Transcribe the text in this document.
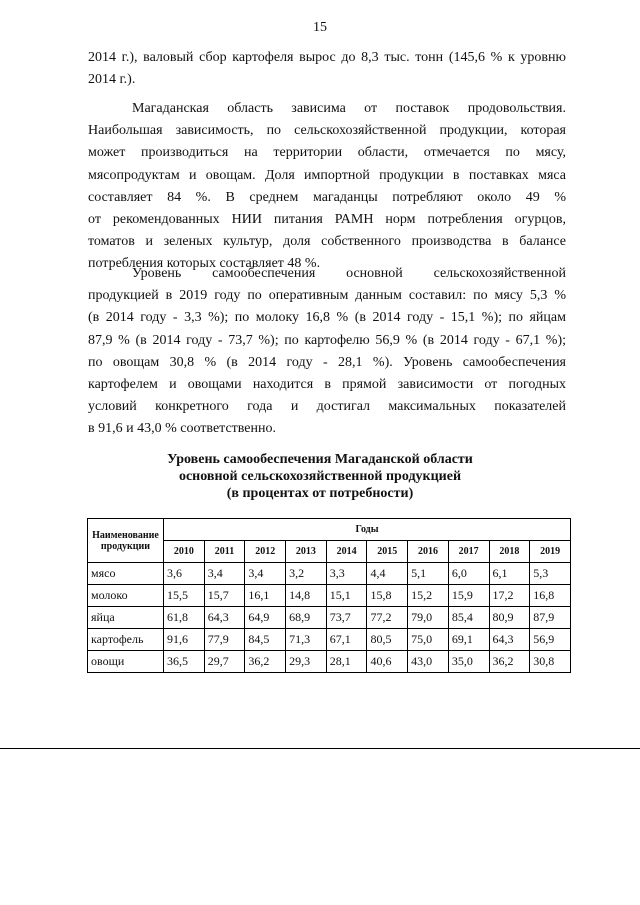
15
2014 г.), валовый сбор картофеля вырос до 8,3 тыс. тонн (145,6 % к уровню
2014 г.).
Магаданская область зависима от поставок продовольствия.
Наибольшая зависимость, по сельскохозяйственной продукции, которая
может производиться на территории области, отмечается по мясу,
мясопродуктам и овощам. Доля импортной продукции в поставках мяса
составляет 84 %. В среднем магаданцы потребляют около 49 %
от рекомендованных НИИ питания РАМН норм потребления огурцов,
томатов и зеленых культур, доля собственного производства в балансе
потребления которых составляет 48 %.
Уровень самообеспечения основной сельскохозяйственной
продукцией в 2019 году по оперативным данным составил: по мясу 5,3 %
(в 2014 году - 3,3 %); по молоку 16,8 % (в 2014 году - 15,1 %); по яйцам
87,9 % (в 2014 году - 73,7 %); по картофелю 56,9 % (в 2014 году - 67,1 %);
по овощам 30,8 % (в 2014 году - 28,1 %). Уровень самообеспечения
картофелем и овощами находится в прямой зависимости от погодных
условий конкретного года и достигал максимальных показателей
в 91,6 и 43,0 % соответственно.
Уровень самообеспечения Магаданской области
основной сельскохозяйственной продукцией
(в процентах от потребности)
Наименование продукции	Годы									
	2010	2011	2012	2013	2014	2015	2016	2017	2018	2019
мясо	3,6	3,4	3,4	3,2	3,3	4,4	5,1	6,0	6,1	5,3
молоко	15,5	15,7	16,1	14,8	15,1	15,8	15,2	15,9	17,2	16,8
яйца	61,8	64,3	64,9	68,9	73,7	77,2	79,0	85,4	80,9	87,9
картофель	91,6	77,9	84,5	71,3	67,1	80,5	75,0	69,1	64,3	56,9
овощи	36,5	29,7	36,2	29,3	28,1	40,6	43,0	35,0	36,2	30,8
